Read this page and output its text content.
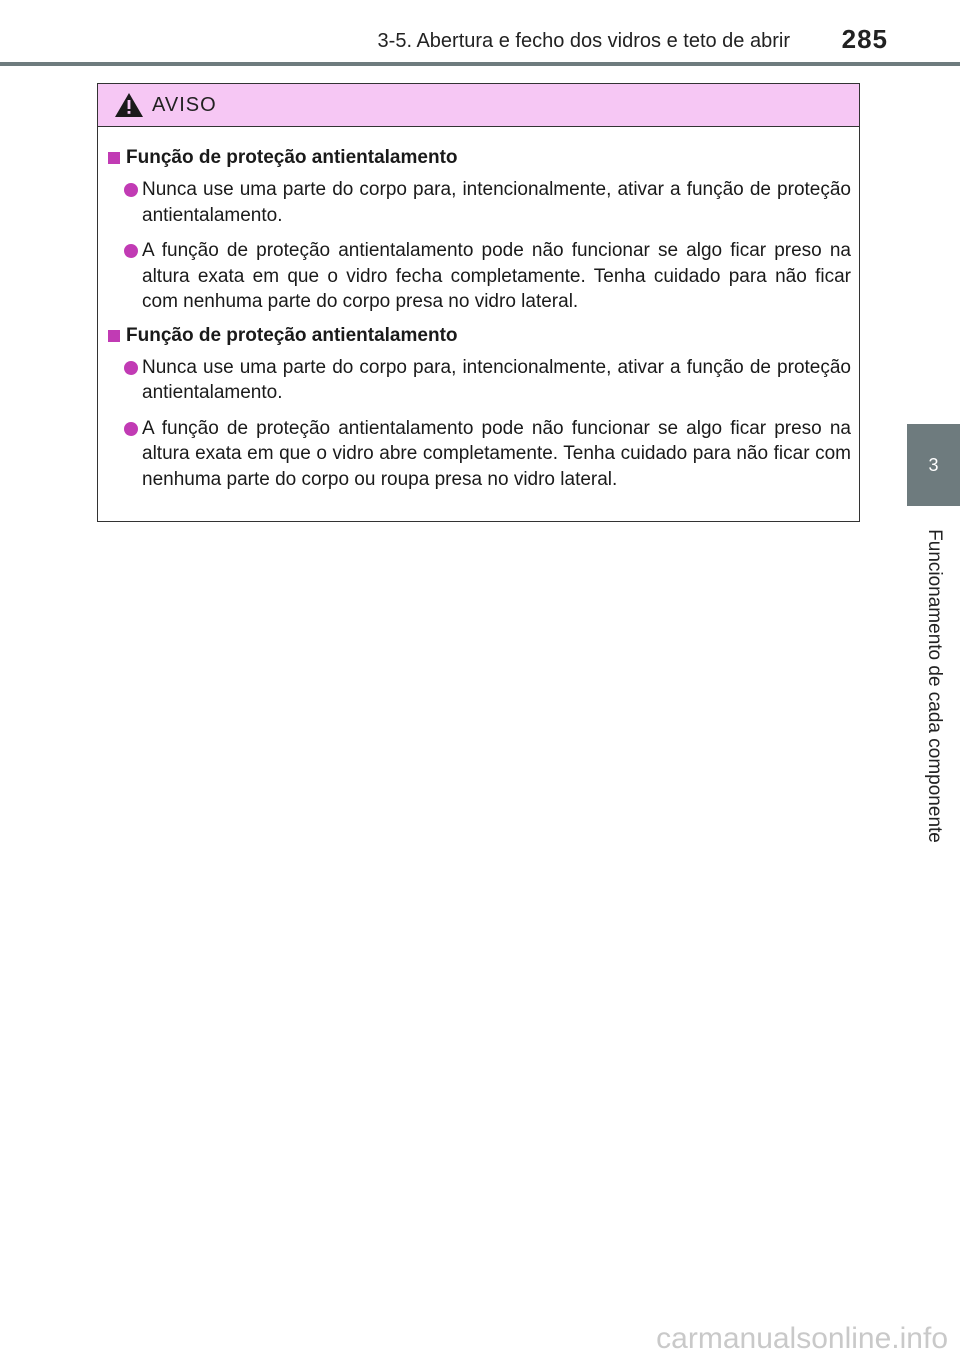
3-5. Abertura e fecho dos vidros e teto de abrir 285
3
Funcionamento de cada componente
AVISO
Função de proteção antientalamento
Nunca use uma parte do corpo para, intencionalmente, ativar a função de proteção antientalamento.
A função de proteção antientalamento pode não funcionar se algo ficar preso na altura exata em que o vidro fecha completamente. Tenha cuidado para não ficar com nenhuma parte do corpo presa no vidro lateral.
Função de proteção antientalamento
Nunca use uma parte do corpo para, intencionalmente, ativar a função de proteção antientalamento.
A função de proteção antientalamento pode não funcionar se algo ficar preso na altura exata em que o vidro abre completamente. Tenha cuidado para não ficar com nenhuma parte do corpo ou roupa presa no vidro lateral.
carmanualsonline.info
